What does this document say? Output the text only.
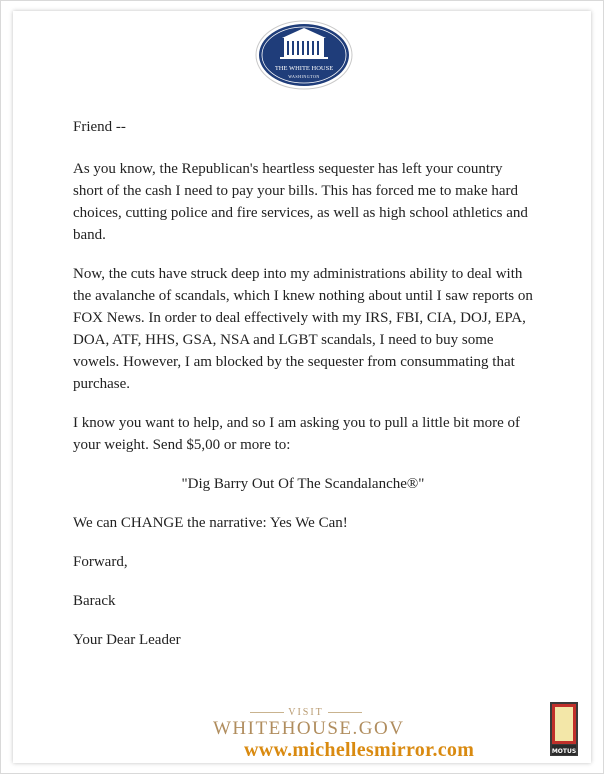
THE WHITE HOUSE
WASHINGTON

Friend --

As you know, the Republican's heartless sequester has left your country short of the cash I need to pay your bills. This has forced me to make hard choices, cutting police and fire services, as well as high school athletics and band.

Now, the cuts have struck deep into my administrations ability to deal with the avalanche of scandals, which I knew nothing about until I saw reports on FOX News. In order to deal effectively with my IRS, FBI, CIA, DOJ, EPA, DOA, ATF, HHS, GSA, NSA and LGBT scandals, I need to buy some vowels. However, I am blocked by the sequester from consummating that purchase.

I know you want to help, and so I am asking you to pull a little bit more of your weight. Send $5,00 or more to:

"Dig Barry Out Of The Scandalanche®"

We can CHANGE the narrative: Yes We Can!

Forward,

Barack

Your Dear Leader

VISIT
WHITEHOUSE.GOV
www.michellesmirror.com	MOTUS
